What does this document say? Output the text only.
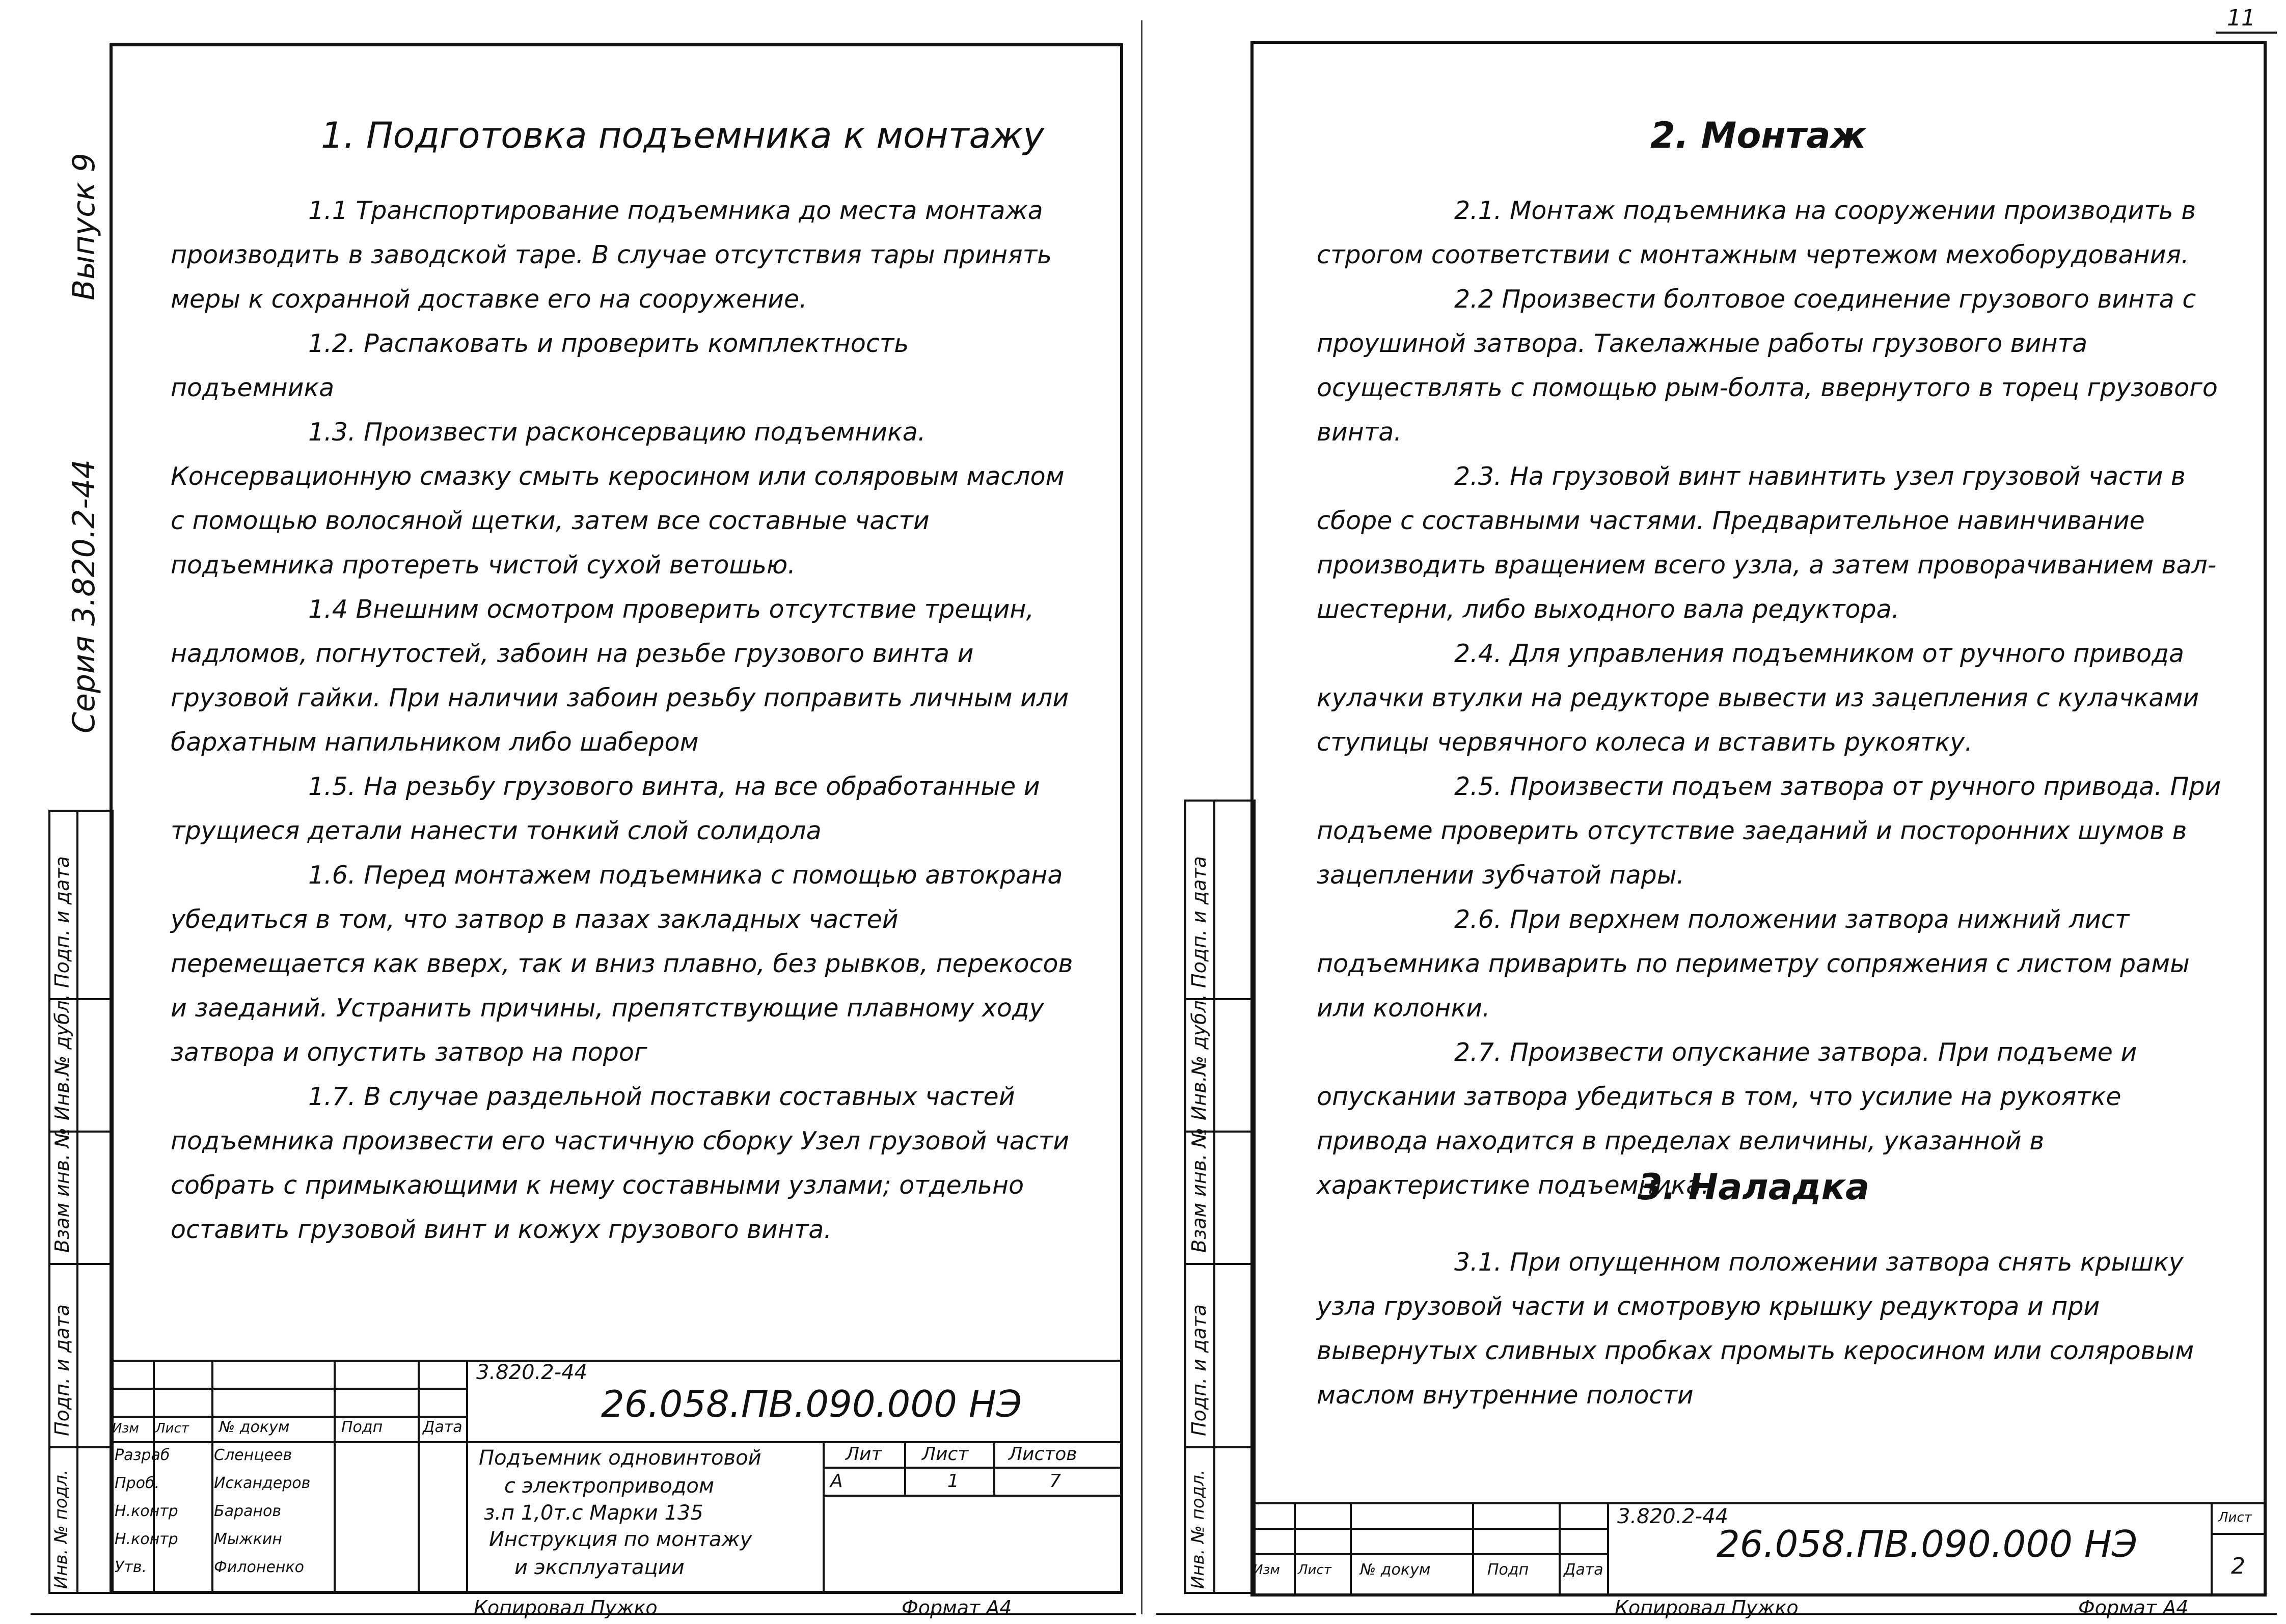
11
Серия 3.820.2-44
Выпуск 9
Подп. и дата
Инв.№ дубл.
Взам инв. №
Подп. и дата
Инв. № подл.
1. Подготовка подъемника к монтажу

1.1 Транспортирование подъемника до места монтажа производить в заводской таре. В случае отсутствия тары принять меры к сохранной доставке его на сооружение.

1.2. Распаковать и проверить комплектность подъемника

1.3. Произвести расконсервацию подъемника. Консервационную смазку смыть керосином или соляровым маслом с помощью волосяной щетки, затем все составные части подъемника протереть чистой сухой ветошью.

1.4 Внешним осмотром проверить отсутствие трещин, надломов, погнутостей, забоин на резьбе грузового винта и грузовой гайки. При наличии забоин резьбу поправить личным или бархатным напильником либо шабером

1.5. На резьбу грузового винта, на все обработанные и трущиеся детали нанести тонкий слой солидола

1.6. Перед монтажем подъемника с помощью автокрана убедиться в том, что затвор в пазах закладных частей перемещается как вверх, так и вниз плавно, без рывков, перекосов и заеданий. Устранить причины, препятствующие плавному ходу затвора и опустить затвор на порог

1.7. В случае раздельной поставки составных частей подъемника произвести его частичную сборку Узел грузовой части собрать с примыкающими к нему составными узлами; отдельно оставить грузовой винт и кожух грузового винта.

3.820.2-44
26.058.ПВ.090.000 НЭ
Изм Лист № докум	Подп	Дата
Разраб	Сленцеев
Проб.	Искандеров
Н.контр Баранов
Н.контр Мыжкин
Утв.	Филоненко
Подъемник одновинтовой
с электроприводом
з.п 1,0т.с Марки 135
Инструкция по монтажу
и эксплуатации
Лит Лист Листов
А	1	7
Копировал Пужко	Формат А4
Подп. и дата
Инв.№ дубл.
Взам инв. №
Подп. и дата
Инв. № подл.
2. Монтаж

2.1. Монтаж подъемника на сооружении производить в строгом соответствии с монтажным чертежом мехоборудования.

2.2 Произвести болтовое соединение грузового винта с проушиной затвора. Такелажные работы грузового винта осуществлять с помощью рым-болта, ввернутого в торец грузового винта.

2.3. На грузовой винт навинтить узел грузовой части в сборе с составными частями. Предварительное навинчивание производить вращением всего узла, а затем проворачиванием вал-шестерни, либо выходного вала редуктора.

2.4. Для управления подъемником от ручного привода кулачки втулки на редукторе вывести из зацепления с кулачками ступицы червячного колеса и вставить рукоятку.

2.5. Произвести подъем затвора от ручного привода. При подъеме проверить отсутствие заеданий и посторонних шумов в зацеплении зубчатой пары.

2.6. При верхнем положении затвора нижний лист подъемника приварить по периметру сопряжения с листом рамы или колонки.

2.7. Произвести опускание затвора. При подъеме и опускании затвора убедиться в том, что усилие на рукоятке привода находится в пределах величины, указанной в характеристике подъемника.

3. Наладка

3.1. При опущенном положении затвора снять крышку узла грузовой части и смотровую крышку редуктора и при вывернутых сливных пробках промыть керосином или соляровым маслом внутренние полости

3.820.2-44
26.058.ПВ.090.000 НЭ
Изм Лист № докум	Подп Дата
Лист
2
Копировал Пужко	Формат А4
